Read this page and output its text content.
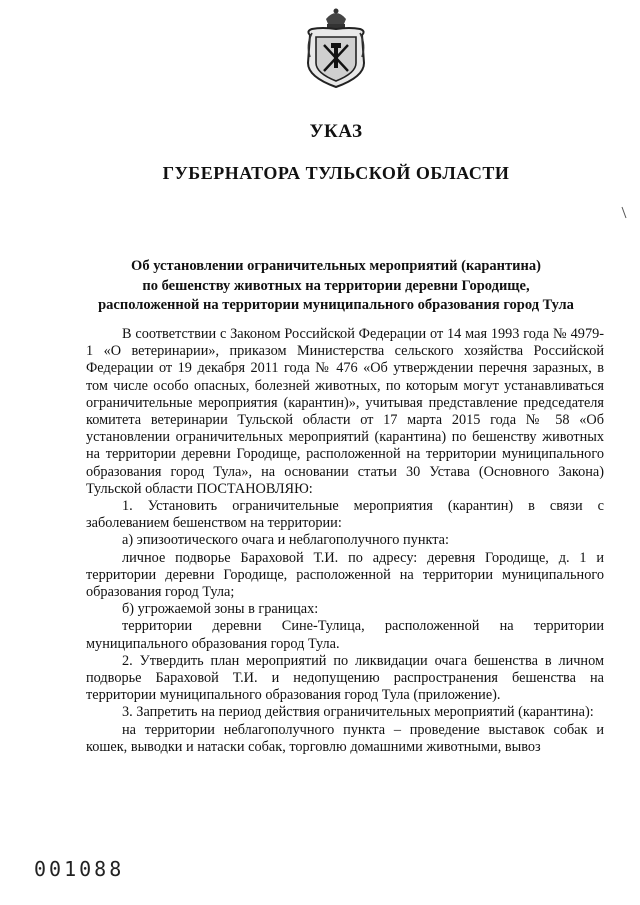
УКАЗ
ГУБЕРНАТОРА ТУЛЬСКОЙ ОБЛАСТИ
Об установлении ограничительных мероприятий (карантина)
по бешенству животных на территории деревни Городище,
расположенной на территории муниципального образования город Тула

В соответствии с Законом Российской Федерации от 14 мая 1993 года № 4979-1 «О ветеринарии», приказом Министерства сельского хозяйства Российской Федерации от 19 декабря 2011 года № 476 «Об утверждении перечня заразных, в том числе особо опасных, болезней животных, по которым могут устанавливаться ограничительные мероприятия (карантин)», учитывая представление председателя комитета ветеринарии Тульской области от 17 марта 2015 года № 58 «Об установлении ограничительных мероприятий (карантина) по бешенству животных на территории деревни Городище, расположенной на территории муниципального образования город Тула», на основании статьи 30 Устава (Основного Закона) Тульской области ПОСТАНОВЛЯЮ:

1. Установить ограничительные мероприятия (карантин) в связи с заболеванием бешенством на территории:

а) эпизоотического очага и неблагополучного пункта:

личное подворье Бараховой Т.И. по адресу: деревня Городище, д. 1 и территории деревни Городище, расположенной на территории муниципального образования город Тула;

б) угрожаемой зоны в границах:

территории деревни Сине-Тулица, расположенной на территории муниципального образования город Тула.

2. Утвердить план мероприятий по ликвидации очага бешенства в личном подворье Бараховой Т.И. и недопущению распространения бешенства на территории муниципального образования город Тула (приложение).

3. Запретить на период действия ограничительных мероприятий (карантина):

на территории неблагополучного пункта – проведение выставок собак и кошек, выводки и натаски собак, торговлю домашними животными, вывоз

001088
